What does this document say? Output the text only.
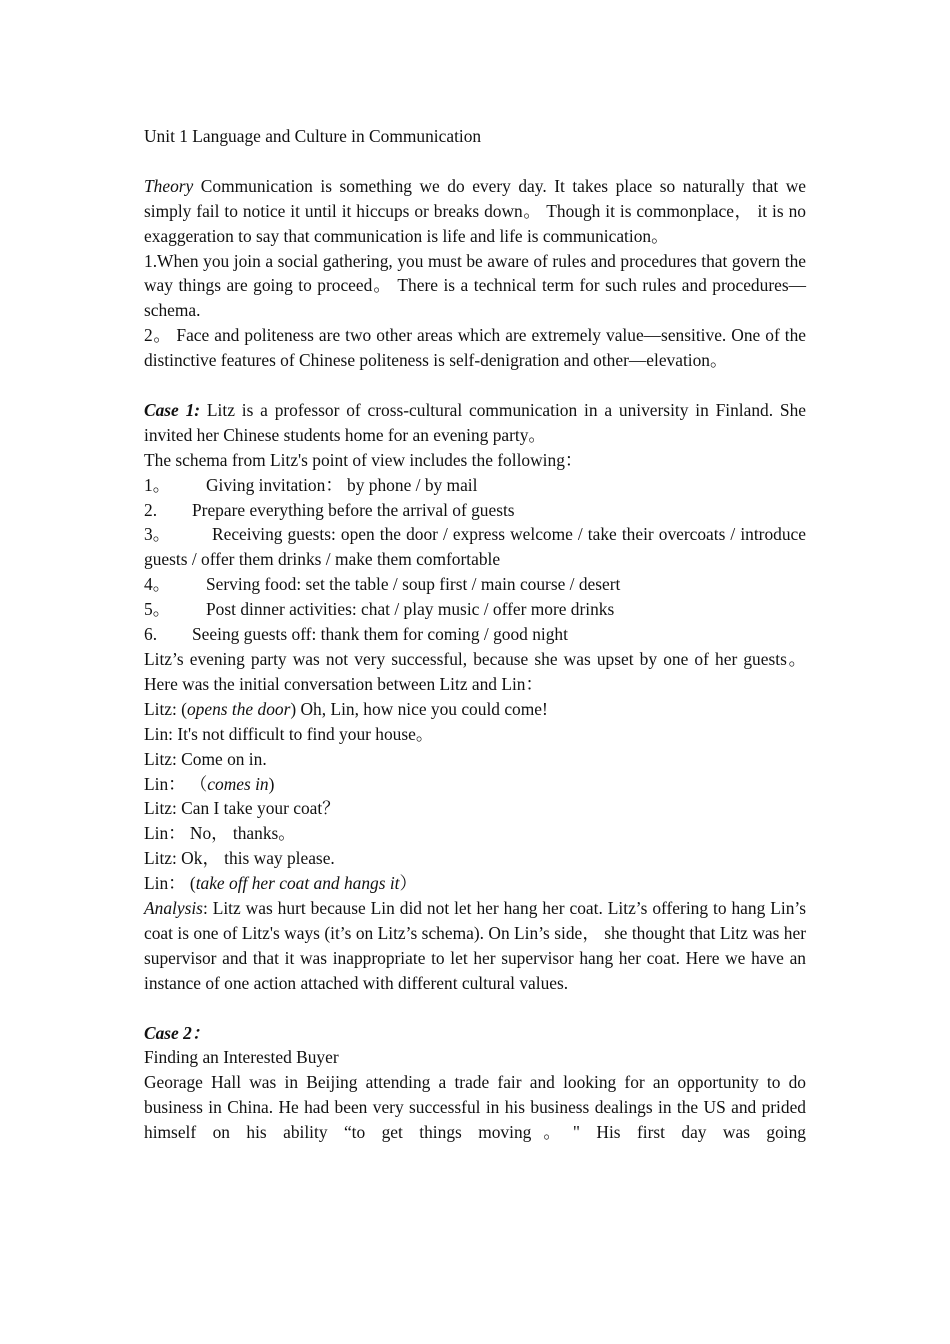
Unit 1 Language and Culture in Communication

Theory Communication is something we do every day. It takes place so naturally that we simply fail to notice it until it hiccups or breaks down。 Though it is commonplace， it is no exaggeration to say that communication is life and life is communication。

1.When you join a social gathering, you must be aware of rules and procedures that govern the way things are going to proceed。 There is a technical term for such rules and procedures—schema.

2。 Face and politeness are two other areas which are extremely value—sensitive. One of the distinctive features of Chinese politeness is self-denigration and other—elevation。

Case 1: Litz is a professor of cross-cultural communication in a university in Finland. She invited her Chinese students home for an evening party。

The schema from Litz's point of view includes the following：

1。	Giving invitation： by phone / by mail
2.	Prepare everything before the arrival of guests

3。 Receiving guests: open the door / express welcome / take their overcoats / introduce guests / offer them drinks / make them comfortable

4。	Serving food: set the table / soup first / main course / desert
5。	Post dinner activities: chat / play music / offer more drinks
6.	Seeing guests off: thank them for coming / good night

Litz’s evening party was not very successful, because she was upset by one of her guests。 Here was the initial conversation between Litz and Lin：

Litz: (opens the door) Oh, Lin, how nice you could come!

Lin: It's not difficult to find your house。

Litz: Come on in.

Lin： （comes in)

Litz: Can I take your coat？

Lin： No， thanks。

Litz: Ok， this way please.

Lin： (take off her coat and hangs it）

Analysis: Litz was hurt because Lin did not let her hang her coat. Litz’s offering to hang Lin’s coat is one of Litz's ways (it’s on Litz’s schema). On Lin’s side， she thought that Litz was her supervisor and that it was inappropriate to let her supervisor hang her coat. Here we have an instance of one action attached with different cultural values.

Case 2：

Finding an Interested Buyer

Georage Hall was in Beijing attending a trade fair and looking for an opportunity to do business in China. He had been very successful in his business dealings in the US and prided himself on his ability “to get things moving。" His first day was going
